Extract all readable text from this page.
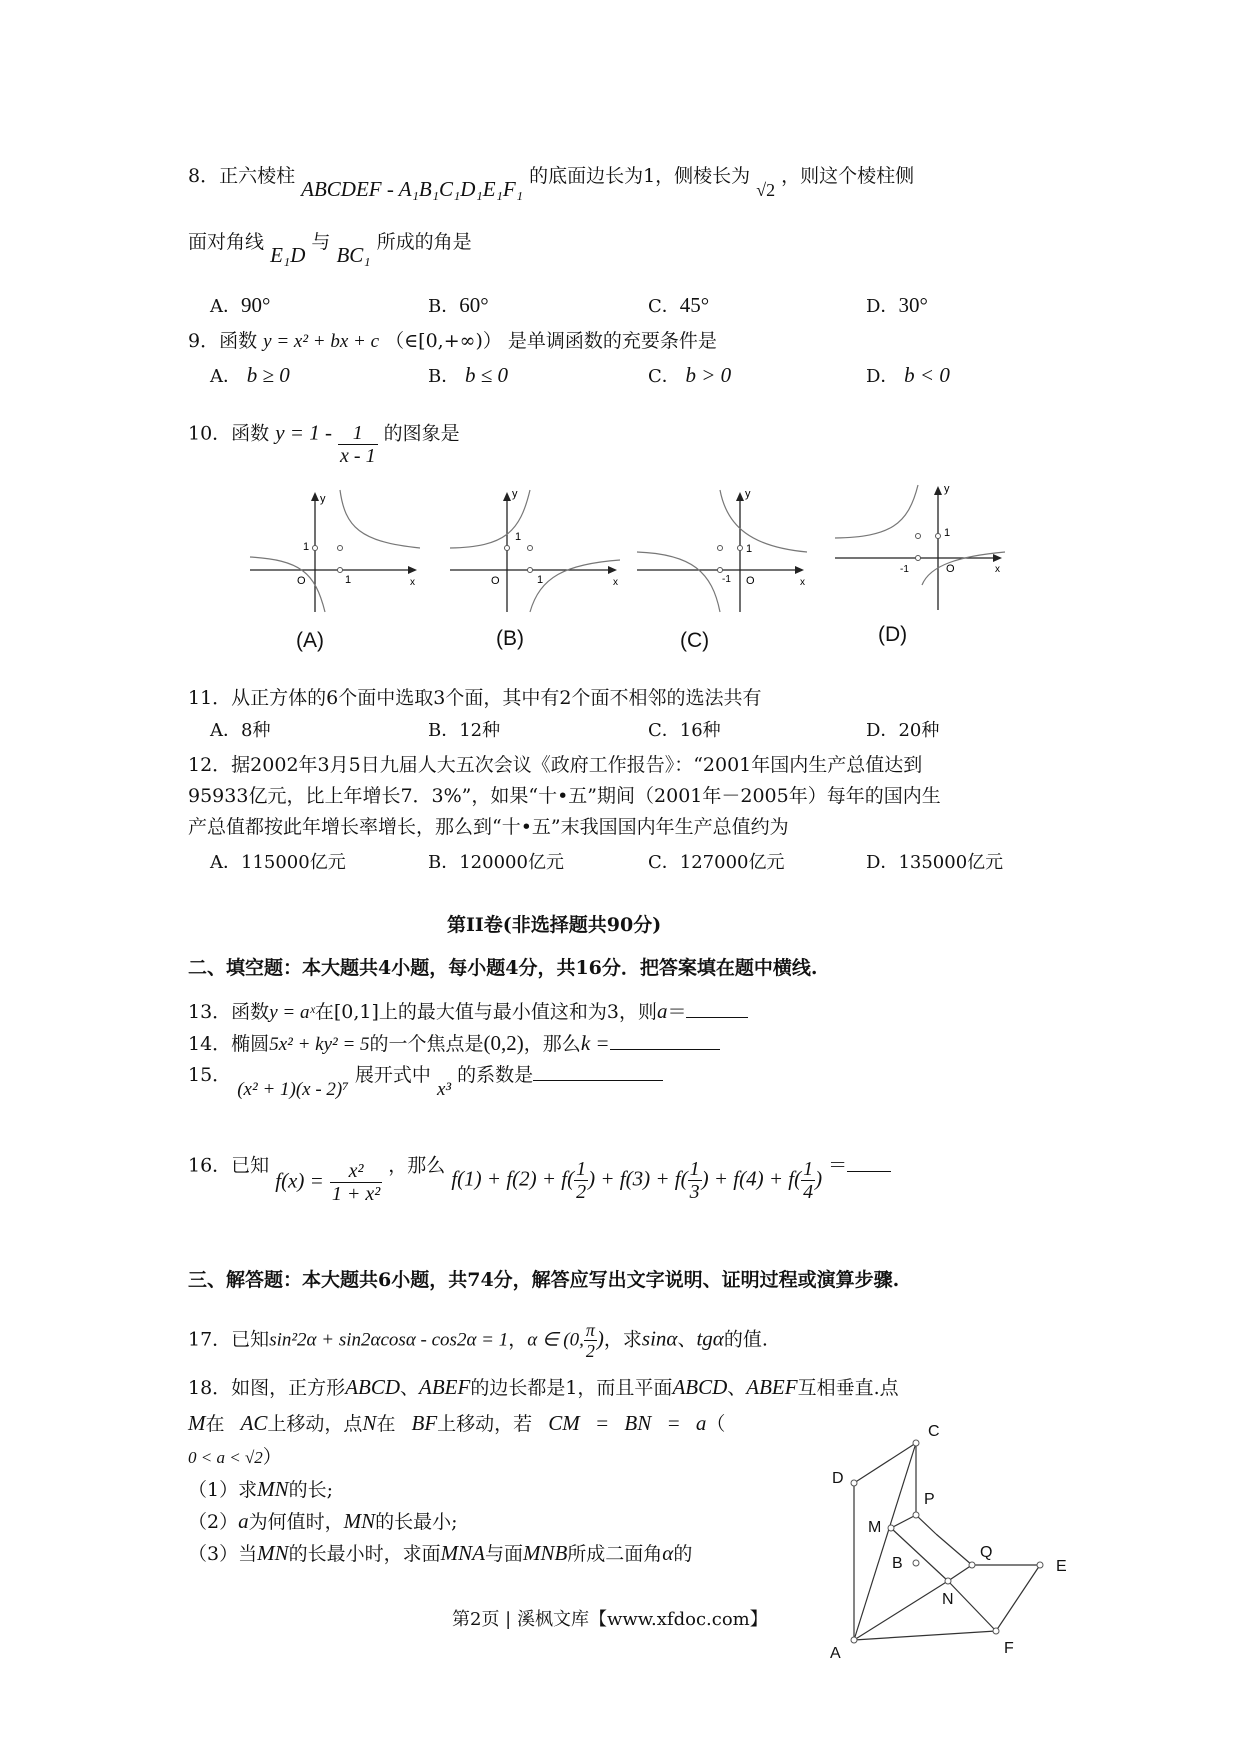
8．正六棱柱 ABCDEF - A₁B₁C₁D₁E₁F₁ 的底面边长为1，侧棱长为 √2 ，则这个棱柱侧
面对角线 E₁D 与 BC₁ 所成的角是
A．90°	B．60°	C．45°	D．30°
9．函数 y = x² + bx + c （∈[0,+∞)） 是单调函数的充要条件是
A． b ≥ 0	B． b ≤ 0	C． b > 0	D． b < 0
10．函数 $y = 1 - \frac{1}{x - 1}$ 的图象是
y
1
O	1	x
(A)
y
1
O	1	x
(B)
y
1
O
-1	x
(C)
y
1
O
-1	x
(D)
11．从正方体的6个面中选取3个面，其中有2个面不相邻的选法共有
A．8种	B．12种	C．16种	D．20种
12．据2002年3月5日九届人大五次会议《政府工作报告》：“2001年国内生产总值达到
95933亿元，比上年增长7．3%”，如果“十•五”期间（2001年－2005年）每年的国内生
产总值都按此年增长率增长，那么到“十•五”末我国国内年生产总值约为
A．115000亿元	B．120000亿元	C．127000亿元	D．135000亿元
第II卷(非选择题共90分)
二、填空题：本大题共4小题，每小题4分，共16分．把答案填在题中横线.
13．函数y = aˣ在[0,1]上的最大值与最小值这和为3，则a＝
14．椭圆5x² + ky² = 5的一个焦点是(0,2)，那么k =
15． (x² + 1)(x - 2)⁷ 展开式中 x³ 的系数是
16．已知 $f(x) = \frac{\text{x²}}{\text{1 + x²}}$ ，那么 $f(1) + f(2) + f( \frac{1}{2}$ ) + $f(3) + f( \frac{1}{3}$ ) + $f(4) + f( \frac{1}{4}$ ) ＝
三、解答题：本大题共6小题，共74分，解答应写出文字说明、证明过程或演算步骤.
17．已知sin²2α + sin2αcosα - cos2α = 1，α ∈ (0, $\frac{\pi}{2}$ )，求sinα、tgα的值.
18．如图，正方形ABCD、ABEF的边长都是1，而且平面ABCD、ABEF互相垂直.点
M在 AC上移动，点N在 BF上移动，若 CM = BN = a（
0 < a < √2）
（1）求MN的长;
（2）a为何值时，MN的长最小;
（3）当MN的长最小时，求面MNA与面MNB所成二面角α的
C
D
P
M
B
Q
E
N
A	F
第2页 | 溪枫文库【www.xfdoc.com】
